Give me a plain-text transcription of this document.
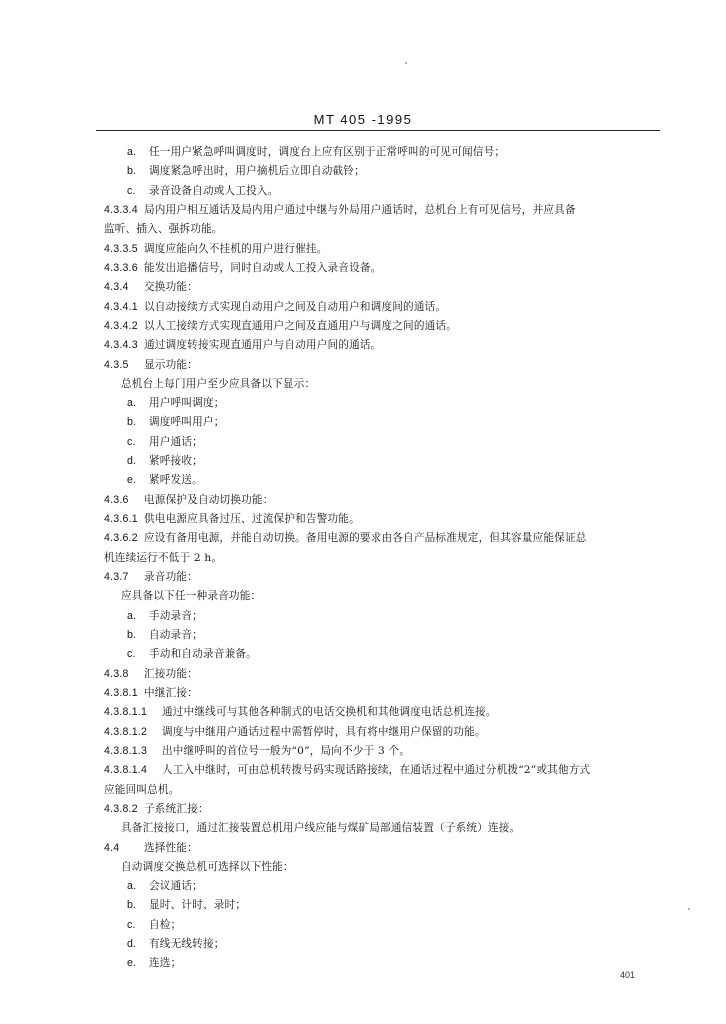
MT 405 -1995
a. 任一用户紧急呼叫调度时，调度台上应有区别于正常呼叫的可见可闻信号；
b. 调度紧急呼出时，用户摘机后立即自动截铃；
c. 录音设备自动或人工投入。
4.3.3.4 局内用户相互通话及局内用户通过中继与外局用户通话时，总机台上有可见信号，并应具备
监听、插入、强拆功能。
4.3.3.5 调度应能向久不挂机的用户进行催挂。
4.3.3.6 能发出追播信号，同时自动或人工投入录音设备。
4.3.4 交换功能：
4.3.4.1 以自动接续方式实现自动用户之间及自动用户和调度间的通话。
4.3.4.2 以人工接续方式实现直通用户之间及直通用户与调度之间的通话。
4.3.4.3 通过调度转接实现直通用户与自动用户间的通话。
4.3.5 显示功能：
总机台上每门用户至少应具备以下显示：
a. 用户呼叫调度；
b. 调度呼叫用户；
c. 用户通话；
d. 紧呼接收；
e. 紧呼发送。
4.3.6 电源保护及自动切换功能：
4.3.6.1 供电电源应具备过压、过流保护和告警功能。
4.3.6.2 应设有备用电源，并能自动切换。备用电源的要求由各自产品标准规定，但其容量应能保证总
机连续运行不低于 2 h。
4.3.7 录音功能：
应具备以下任一种录音功能：
a. 手动录音；
b. 自动录音；
c. 手动和自动录音兼备。
4.3.8 汇接功能：
4.3.8.1 中继汇接：
4.3.8.1.1 通过中继线可与其他各种制式的电话交换机和其他调度电话总机连接。
4.3.8.1.2 调度与中继用户通话过程中需暂停时，具有将中继用户保留的功能。
4.3.8.1.3 出中继呼叫的首位号一般为“0”，局向不少于 3 个。
4.3.8.1.4 人工入中继时，可由总机转拨号码实现话路接续，在通话过程中通过分机拨“2”或其他方式
应能回叫总机。
4.3.8.2 子系统汇接：
具备汇接接口，通过汇接装置总机用户线应能与煤矿局部通信装置（子系统）连接。
4.4 选择性能：
自动调度交换总机可选择以下性能：
a. 会议通话；
b. 显时、计时、录时；
c. 自检；
d. 有线无线转接；
e. 连选；
401
